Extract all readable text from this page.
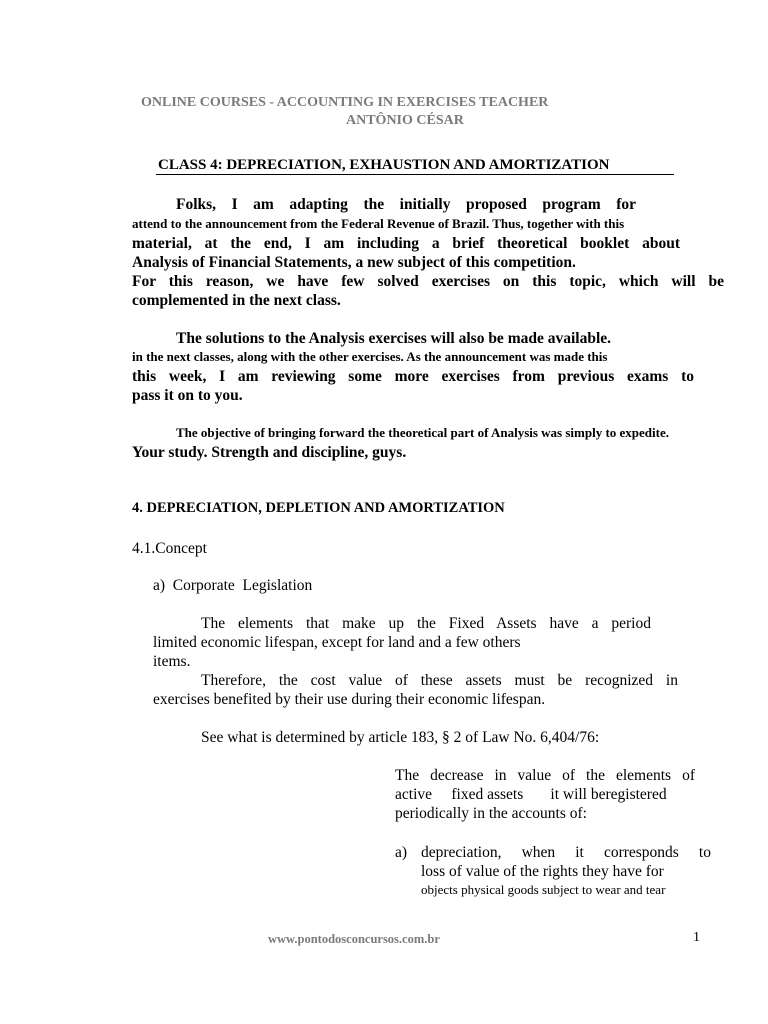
ONLINE COURSES - ACCOUNTING IN EXERCISES TEACHER
ANTÔNIO CÉSAR
CLASS 4: DEPRECIATION, EXHAUSTION AND AMORTIZATION
Folks, I am adapting the initially proposed program for
attend to the announcement from the Federal Revenue of Brazil. Thus, together with this
material, at the end, I am including a brief theoretical booklet about
Analysis of Financial Statements, a new subject of this competition.
For this reason, we have few solved exercises on this topic, which will be
complemented in the next class.
The solutions to the Analysis exercises will also be made available.
in the next classes, along with the other exercises. As the announcement was made this
this week, I am reviewing some more exercises from previous exams to
pass it on to you.
The objective of bringing forward the theoretical part of Analysis was simply to expedite.
Your study. Strength and discipline, guys.
4. DEPRECIATION, DEPLETION AND AMORTIZATION
4.1.Concept
a)  Corporate  Legislation
The elements that make up the Fixed Assets have a period
limited economic lifespan, except for land and a few others
items.
Therefore, the cost value of these assets must be recognized in
exercises benefited by their use during their economic lifespan.
See what is determined by article 183, § 2 of Law No. 6,404/76:
The decrease in value of the elements of
active     fixed assets       it will beregistered
periodically in the accounts of:
a) depreciation, when it corresponds to
loss of value of the rights they have for
objects physical goods subject to wear and tear
www.pontodosconcursos.com.br	1
